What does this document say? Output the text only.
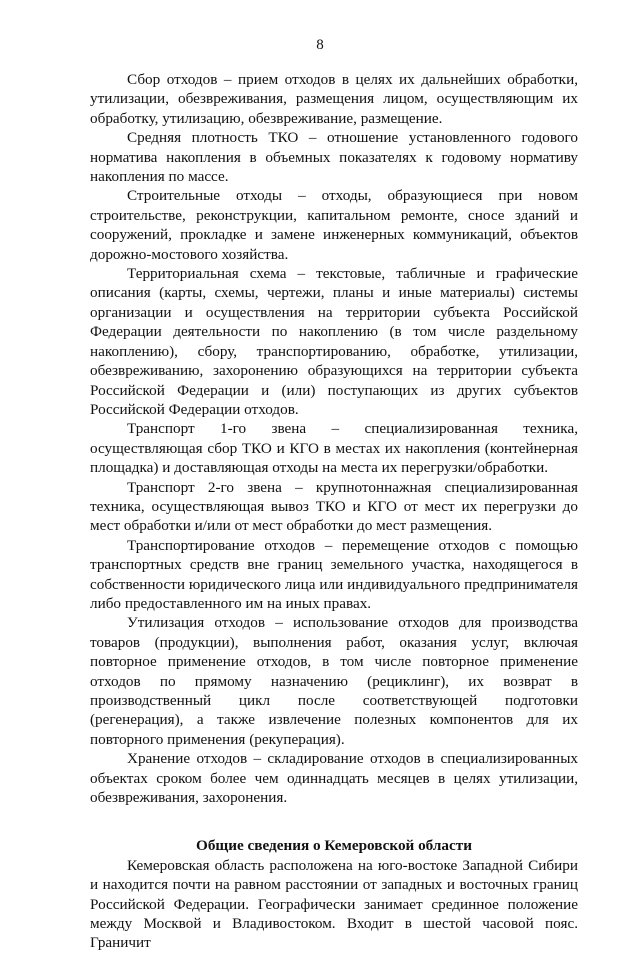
8

Сбор отходов – прием отходов в целях их дальнейших обработки, утилизации, обезвреживания, размещения лицом, осуществляющим их обработку, утилизацию, обезвреживание, размещение.

Средняя плотность ТКО – отношение установленного годового норматива накопления в объемных показателях к годовому нормативу накопления по массе.

Строительные отходы – отходы, образующиеся при новом строительстве, реконструкции, капитальном ремонте, сносе зданий и сооружений, прокладке и замене инженерных коммуникаций, объектов дорожно-мостового хозяйства.

Территориальная схема – текстовые, табличные и графические описания (карты, схемы, чертежи, планы и иные материалы) системы организации и осуществления на территории субъекта Российской Федерации деятельности по накоплению (в том числе раздельному накоплению), сбору, транспортированию, обработке, утилизации, обезвреживанию, захоронению образующихся на территории субъекта Российской Федерации и (или) поступающих из других субъектов Российской Федерации отходов.

Транспорт 1-го звена – специализированная техника, осуществляющая сбор ТКО и КГО в местах их накопления (контейнерная площадка) и доставляющая отходы на места их перегрузки/обработки.

Транспорт 2-го звена – крупнотоннажная специализированная техника, осуществляющая вывоз ТКО и КГО от мест их перегрузки до мест обработки и/или от мест обработки до мест размещения.

Транспортирование отходов – перемещение отходов с помощью транспортных средств вне границ земельного участка, находящегося в собственности юридического лица или индивидуального предпринимателя либо предоставленного им на иных правах.

Утилизация отходов – использование отходов для производства товаров (продукции), выполнения работ, оказания услуг, включая повторное применение отходов, в том числе повторное применение отходов по прямому назначению (рециклинг), их возврат в производственный цикл после соответствующей подготовки (регенерация), а также извлечение полезных компонентов для их повторного применения (рекуперация).

Хранение отходов – складирование отходов в специализированных объектах сроком более чем одиннадцать месяцев в целях утилизации, обезвреживания, захоронения.

Общие сведения о Кемеровской области

Кемеровская область расположена на юго-востоке Западной Сибири и находится почти на равном расстоянии от западных и восточных границ Российской Федерации. Географически занимает срединное положение между Москвой и Владивостоком. Входит в шестой часовой пояс. Граничит
